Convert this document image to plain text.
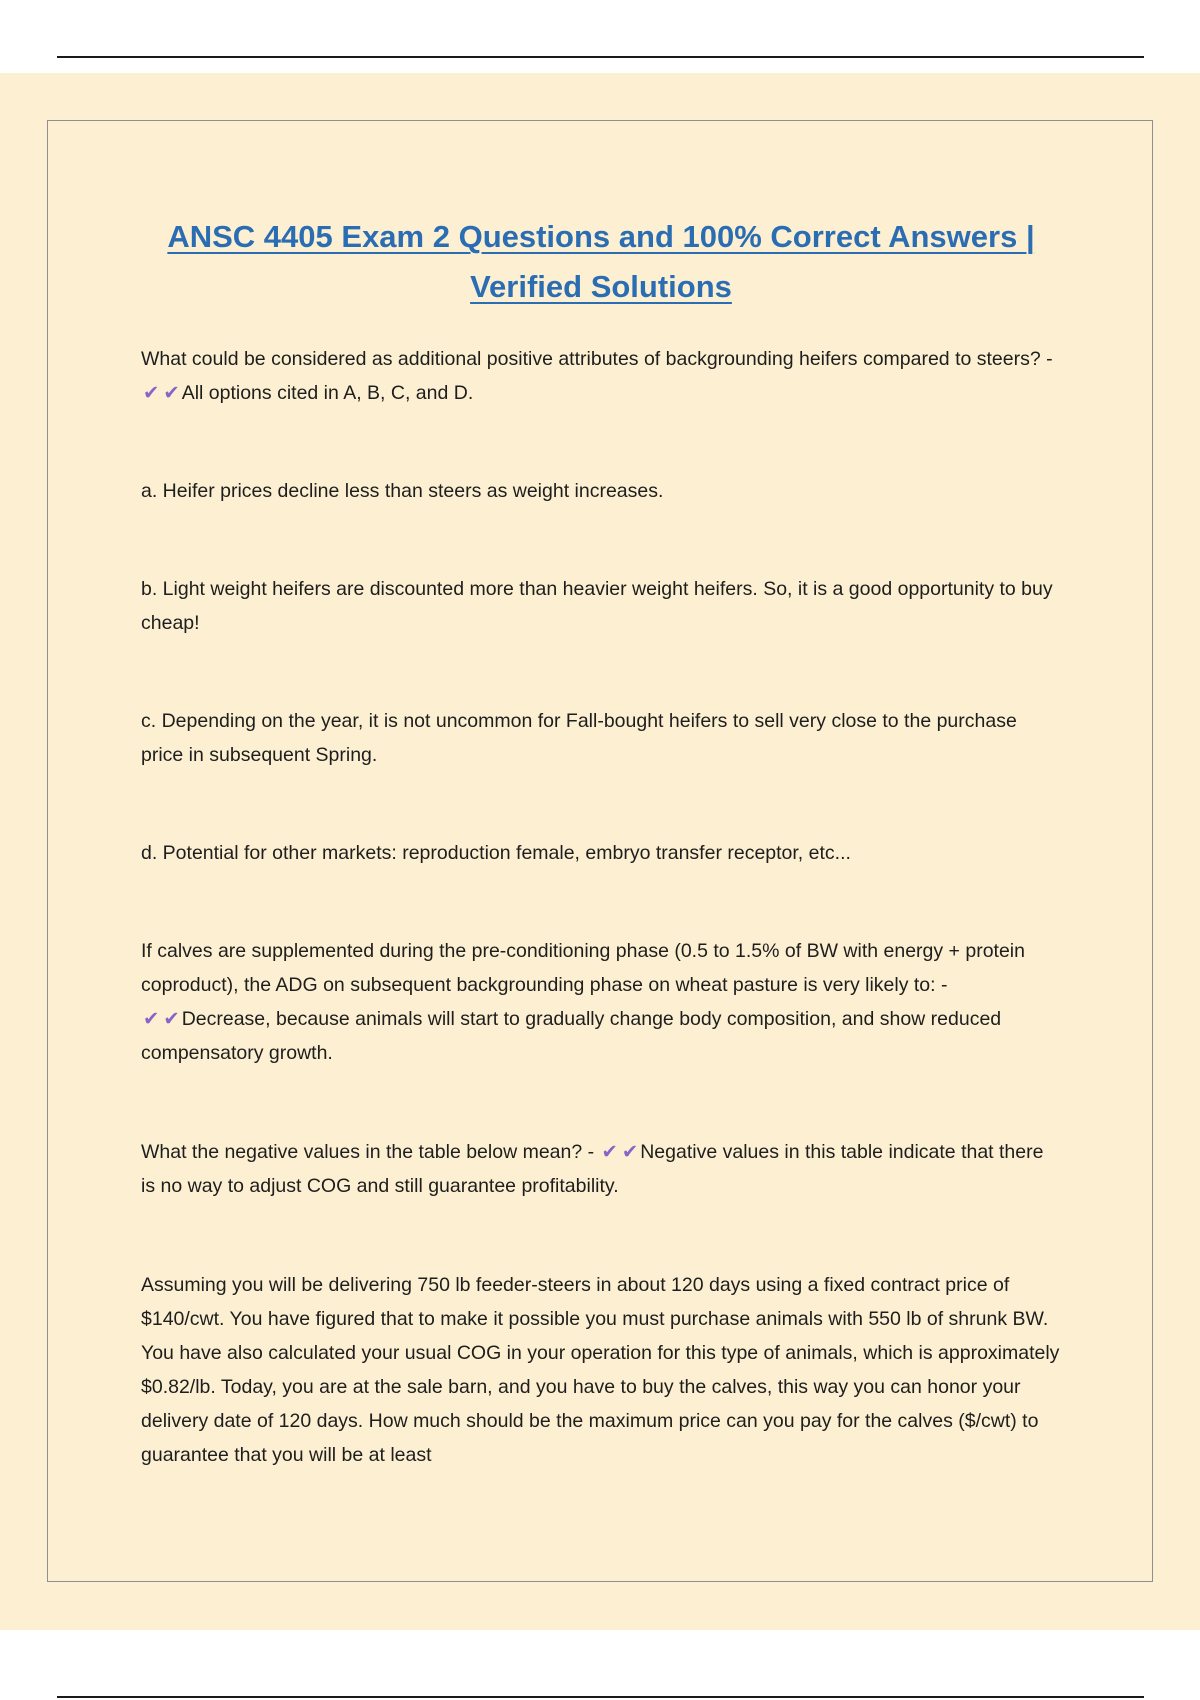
ANSC 4405 Exam 2 Questions and 100% Correct Answers |
Verified Solutions

What could be considered as additional positive attributes of backgrounding heifers compared to steers? - ✔ ✔ All options cited in A, B, C, and D.

a. Heifer prices decline less than steers as weight increases.

b. Light weight heifers are discounted more than heavier weight heifers. So, it is a good opportunity to buy cheap!

c. Depending on the year, it is not uncommon for Fall-bought heifers to sell very close to the purchase price in subsequent Spring.

d. Potential for other markets: reproduction female, embryo transfer receptor, etc...

If calves are supplemented during the pre-conditioning phase (0.5 to 1.5% of BW with energy + protein coproduct), the ADG on subsequent backgrounding phase on wheat pasture is very likely to: - ✔ ✔ Decrease, because animals will start to gradually change body composition, and show reduced compensatory growth.

What the negative values in the table below mean? - ✔ ✔ Negative values in this table indicate that there is no way to adjust COG and still guarantee profitability.

Assuming you will be delivering 750 lb feeder-steers in about 120 days using a fixed contract price of $140/cwt. You have figured that to make it possible you must purchase animals with 550 lb of shrunk BW. You have also calculated your usual COG in your operation for this type of animals, which is approximately $0.82/lb. Today, you are at the sale barn, and you have to buy the calves, this way you can honor your delivery date of 120 days. How much should be the maximum price can you pay for the calves ($/cwt) to guarantee that you will be at least
